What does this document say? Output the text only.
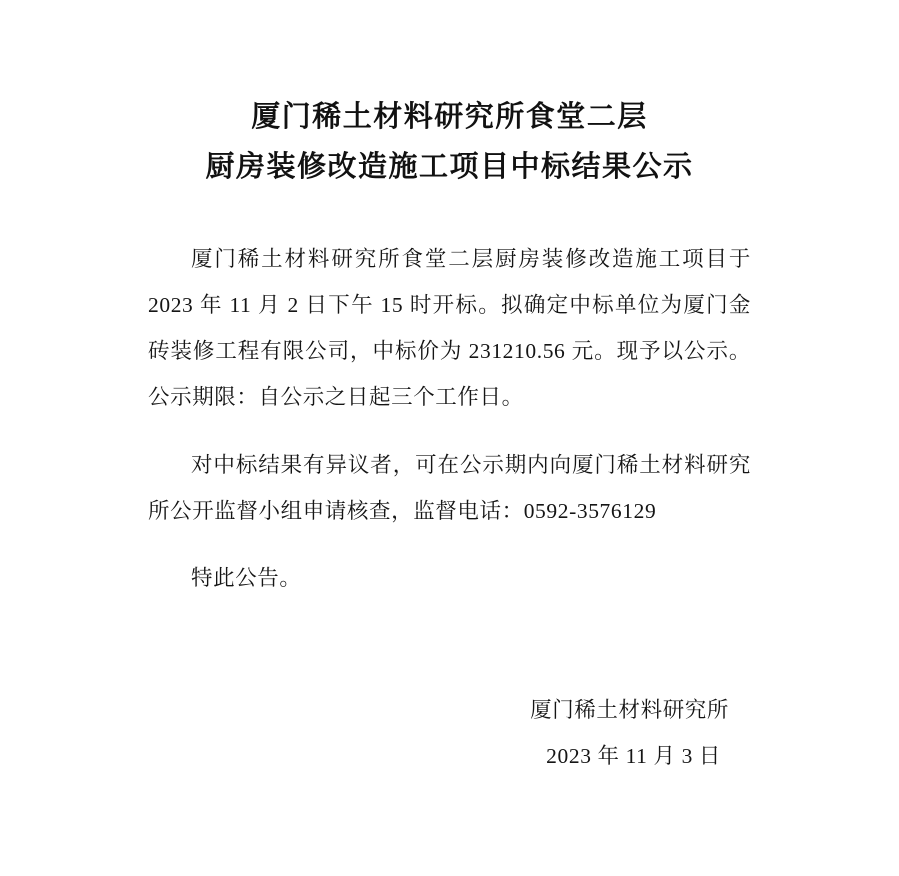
厦门稀土材料研究所食堂二层
厨房装修改造施工项目中标结果公示

厦门稀土材料研究所食堂二层厨房装修改造施工项目于 2023 年 11 月 2 日下午 15 时开标。拟确定中标单位为厦门金砖装修工程有限公司，中标价为 231210.56 元。现予以公示。公示期限：自公示之日起三个工作日。

对中标结果有异议者，可在公示期内向厦门稀土材料研究所公开监督小组申请核查，监督电话：0592-3576129

特此公告。

厦门稀土材料研究所
2023 年 11 月 3 日
